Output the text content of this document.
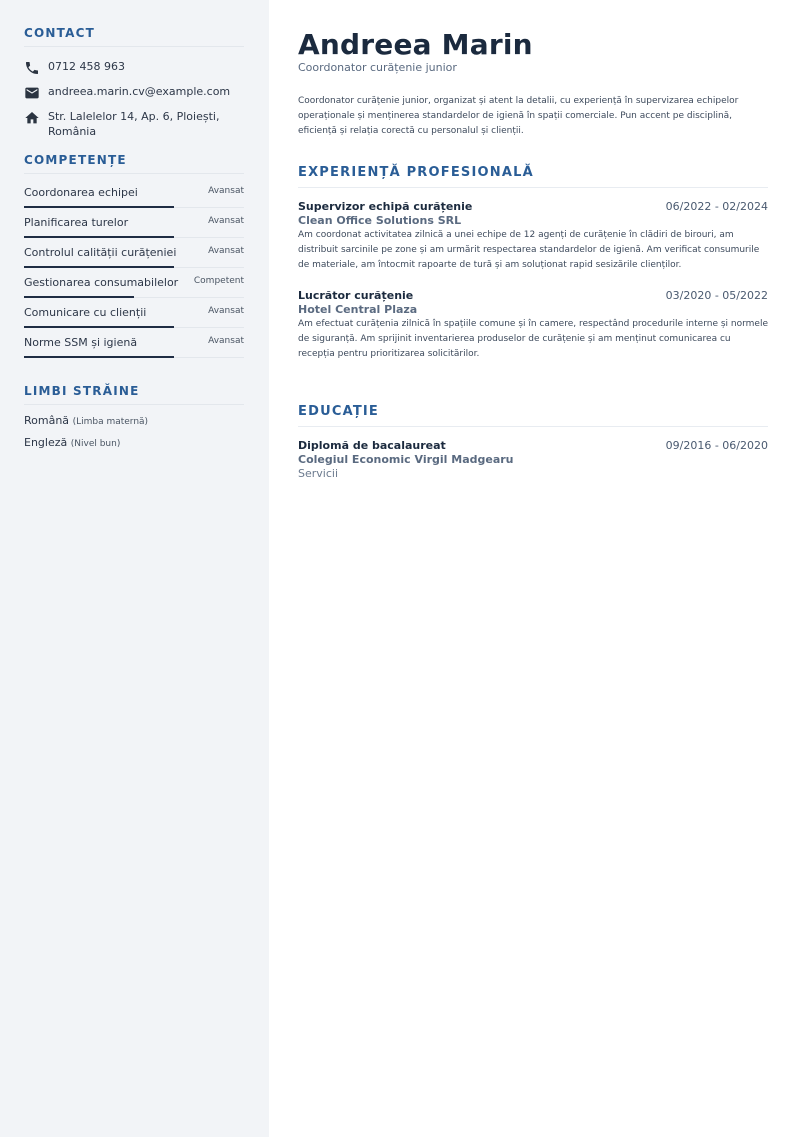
CONTACT
0712 458 963
andreea.marin.cv@example.com
Str. Lalelelor 14, Ap. 6, Ploiești, România
COMPETENȚE
Coordonarea echipei	Avansat
Planificarea turelor	Avansat
Controlul calității curățeniei	Avansat
Gestionarea consumabilelor Competent
Comunicare cu clienții	Avansat
Norme SSM și igienă	Avansat
LIMBI STRĂINE
Română (Limba maternă)
Engleză (Nivel bun)
Andreea Marin
Coordonator curățenie junior

Coordonator curățenie junior, organizat și atent la detalii, cu experiență în supervizarea echipelor operaționale și menținerea standardelor de igienă în spații comerciale. Pun accent pe disciplină, eficiență și relația corectă cu personalul și clienții.

EXPERIENȚĂ PROFESIONALĂ
Supervizor echipă curățenie	06/2022 - 02/2024
Clean Office Solutions SRL

Am coordonat activitatea zilnică a unei echipe de 12 agenți de curățenie în clădiri de birouri, am distribuit sarcinile pe zone și am urmărit respectarea standardelor de igienă. Am verificat consumurile de materiale, am întocmit rapoarte de tură și am soluționat rapid sesizările clienților.

Lucrător curățenie	03/2020 - 05/2022
Hotel Central Plaza

Am efectuat curățenia zilnică în spațiile comune și în camere, respectând procedurile interne și normele de siguranță. Am sprijinit inventarierea produselor de curățenie și am menținut comunicarea cu recepția pentru prioritizarea solicitărilor.

EDUCAȚIE
Diplomă de bacalaureat	09/2016 - 06/2020
Colegiul Economic Virgil Madgearu
Servicii
